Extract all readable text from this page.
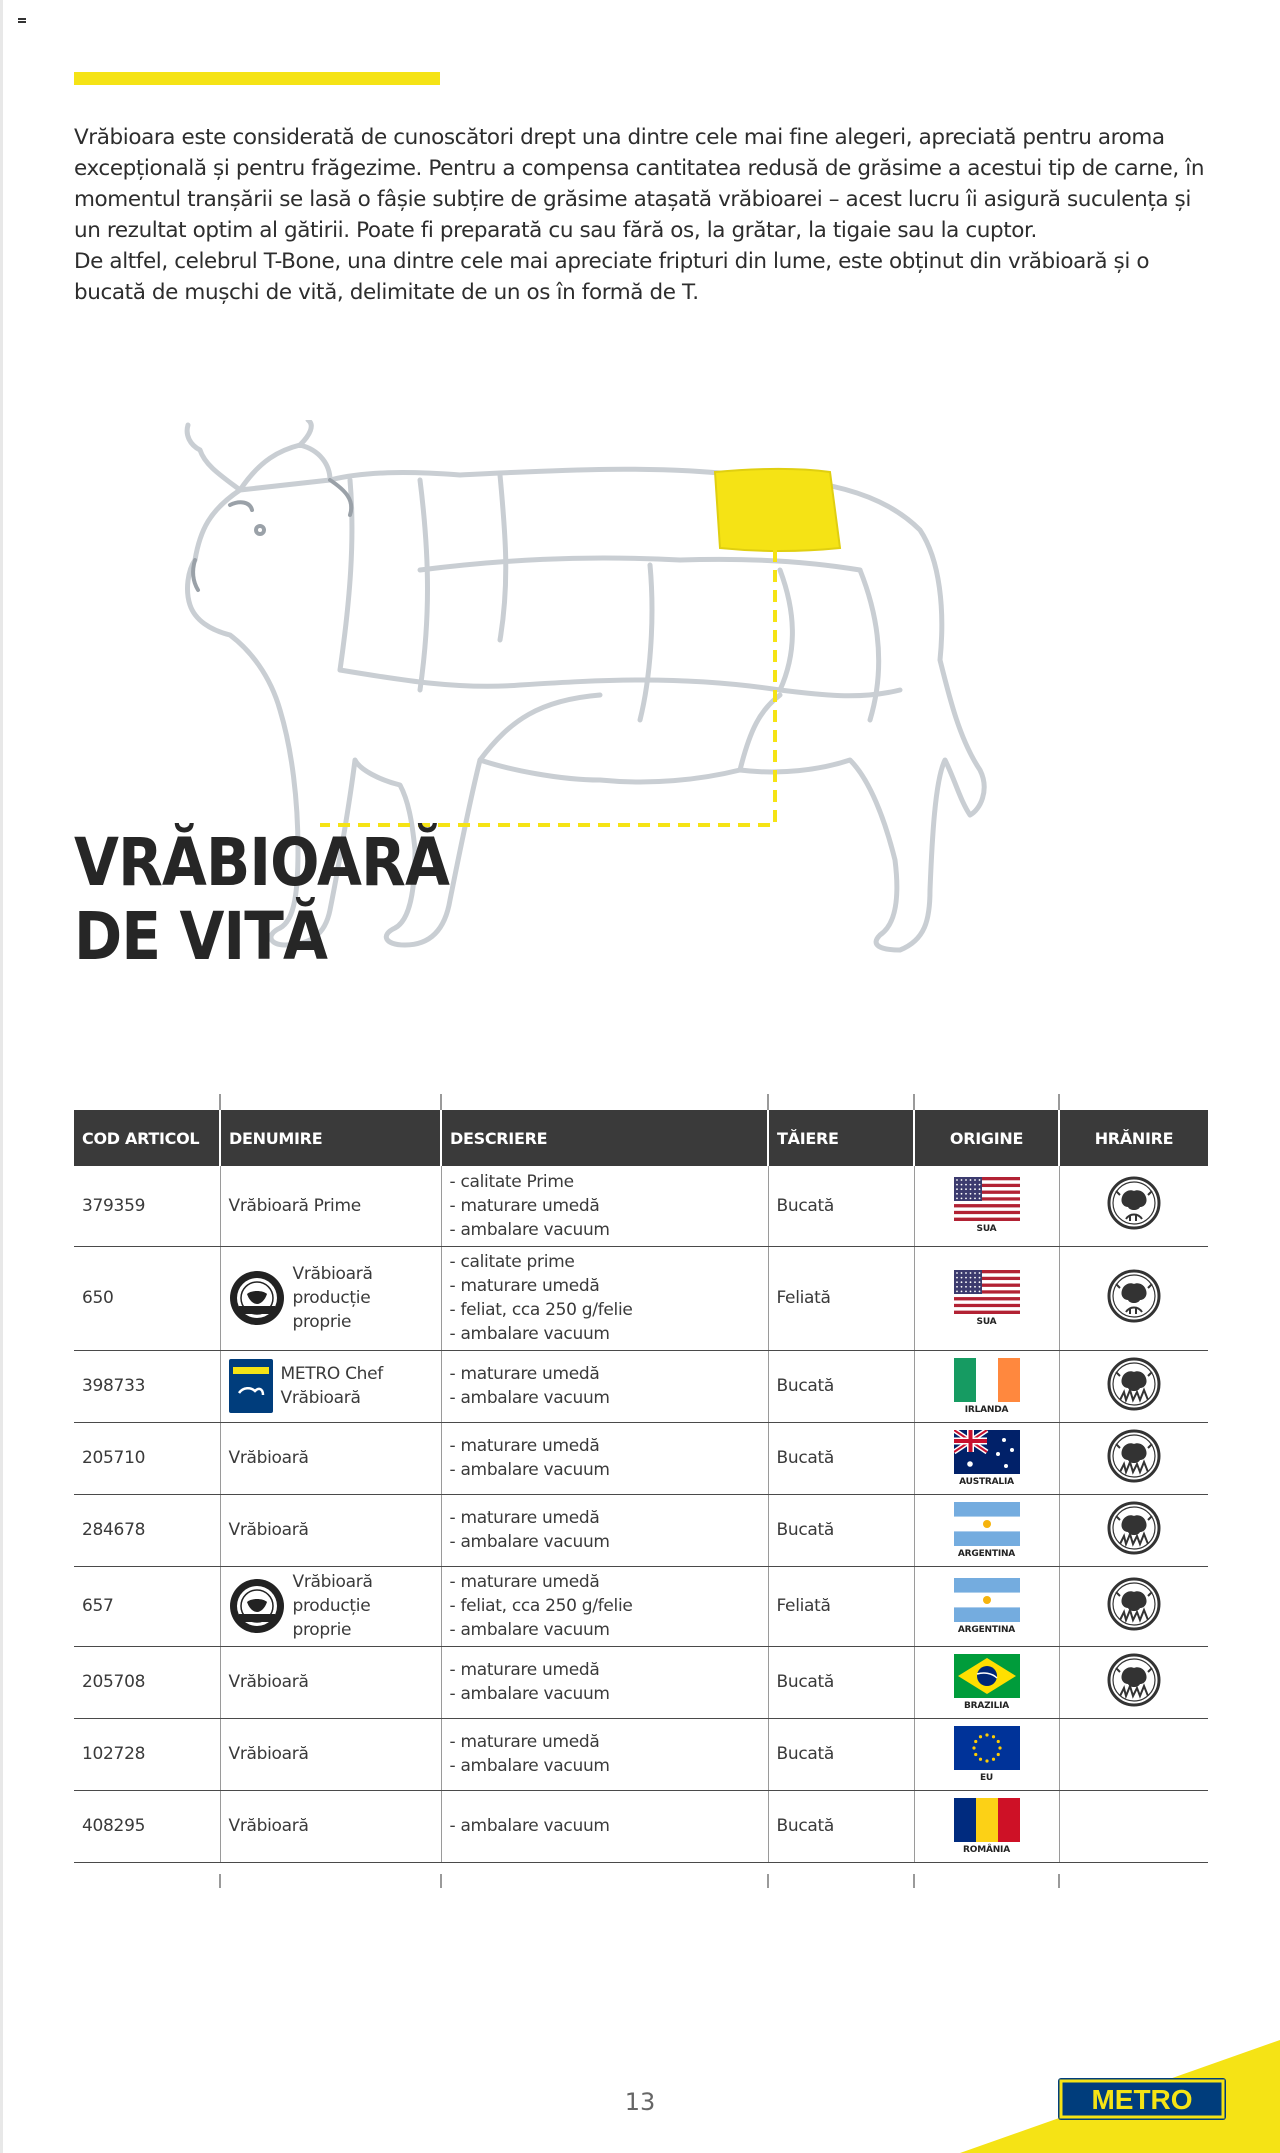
Vrăbioara este considerată de cunoscători drept una dintre cele mai fine alegeri, apreciată pentru aroma excepțională și pentru frăgezime. Pentru a compensa cantitatea redusă de grăsime a acestui tip de carne, în momentul tranșării se lasă o fâșie subțire de grăsime atașată vrăbioarei – acest lucru îi asigură suculența și un rezultat optim al gătirii. Poate fi preparată cu sau fără os, la grătar, la tigaie sau la cuptor.

De altfel, celebrul T-Bone, una dintre cele mai apreciate fripturi din lume, este obținut din vrăbioară și o bucată de mușchi de vită, delimitate de un os în formă de T.

VRĂBIOARĂ
DE VITĂ
COD ARTICOL	DENUMIRE	DESCRIERE	TĂIERE	ORIGINE	HRĂNIRE
379359	Vrăbioară Prime	- calitate Prime
- maturare umedă
- ambalare vacuum	Bucată	SUA

650	Vrăbioară
producție
proprie	- calitate prime
- maturare umedă
- feliat, cca 250 g/felie
- ambalare vacuum	Feliată	SUA

398733	METRO Chef
Vrăbioară	- maturare umedă
- ambalare vacuum	Bucată	IRLANDA

205710	Vrăbioară	- maturare umedă
- ambalare vacuum	Bucată	AUSTRALIA

284678	Vrăbioară	- maturare umedă
- ambalare vacuum	Bucată	ARGENTINA

657	Vrăbioară
producție
proprie	- maturare umedă
- feliat, cca 250 g/felie
- ambalare vacuum	Feliată	ARGENTINA

205708	Vrăbioară	- maturare umedă
- ambalare vacuum	Bucată	BRAZILIA

102728	Vrăbioară	- maturare umedă
- ambalare vacuum	Bucată	EU	

408295	Vrăbioară	- ambalare vacuum	Bucată	ROMÂNIA	

13	METRO
